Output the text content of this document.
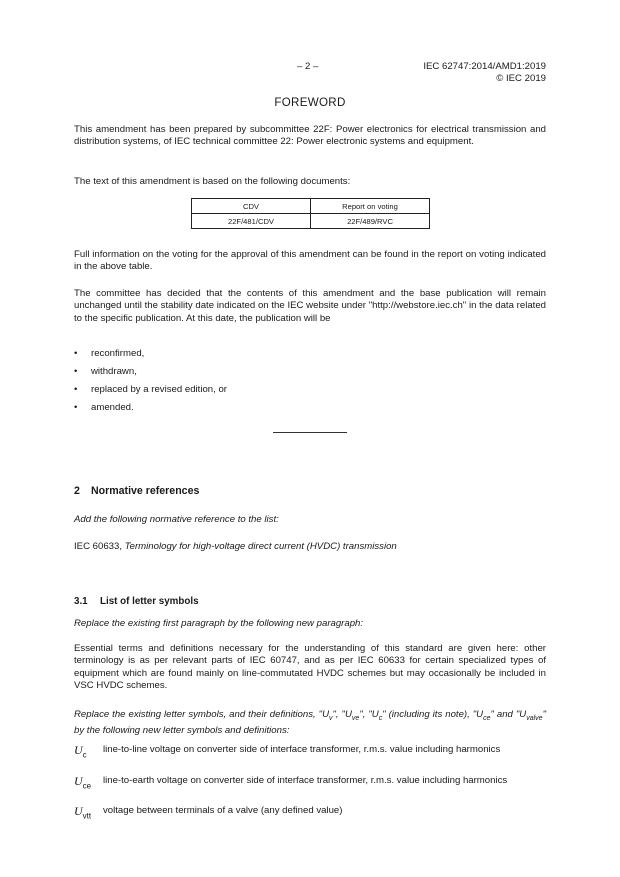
– 2 –	IEC 62747:2014/AMD1:2019
© IEC 2019
FOREWORD
This amendment has been prepared by subcommittee 22F: Power electronics for electrical transmission and distribution systems, of IEC technical committee 22: Power electronic systems and equipment.
The text of this amendment is based on the following documents:
CDV	Report on voting
22F/481/CDV	22F/489/RVC
Full information on the voting for the approval of this amendment can be found in the report on voting indicated in the above table.
The committee has decided that the contents of this amendment and the base publication will remain unchanged until the stability date indicated on the IEC website under "http://webstore.iec.ch" in the data related to the specific publication. At this date, the publication will be
• reconfirmed,
• withdrawn,
• replaced by a revised edition, or
• amended.
2 Normative references
Add the following normative reference to the list:
IEC 60633, Terminology for high-voltage direct current (HVDC) transmission
3.1 List of letter symbols
Replace the existing first paragraph by the following new paragraph:
Essential terms and definitions necessary for the understanding of this standard are given here: other terminology is as per relevant parts of IEC 60747, and as per IEC 60633 for certain specialized types of equipment which are found mainly on line-commutated HVDC schemes but may occasionally be included in VSC HVDC schemes.
Replace the existing letter symbols, and their definitions, "$U_v$", "$U_{ve}$", "$U_c$" (including its note), "$U_{ce}$" and "$U_{valve}$" by the following new letter symbols and definitions:
$U_c$ line-to-line voltage on converter side of interface transformer, r.m.s. value including harmonics
$U_{ce}$ line-to-earth voltage on converter side of interface transformer, r.m.s. value including harmonics
$U_{vtt}$ voltage between terminals of a valve (any defined value)
